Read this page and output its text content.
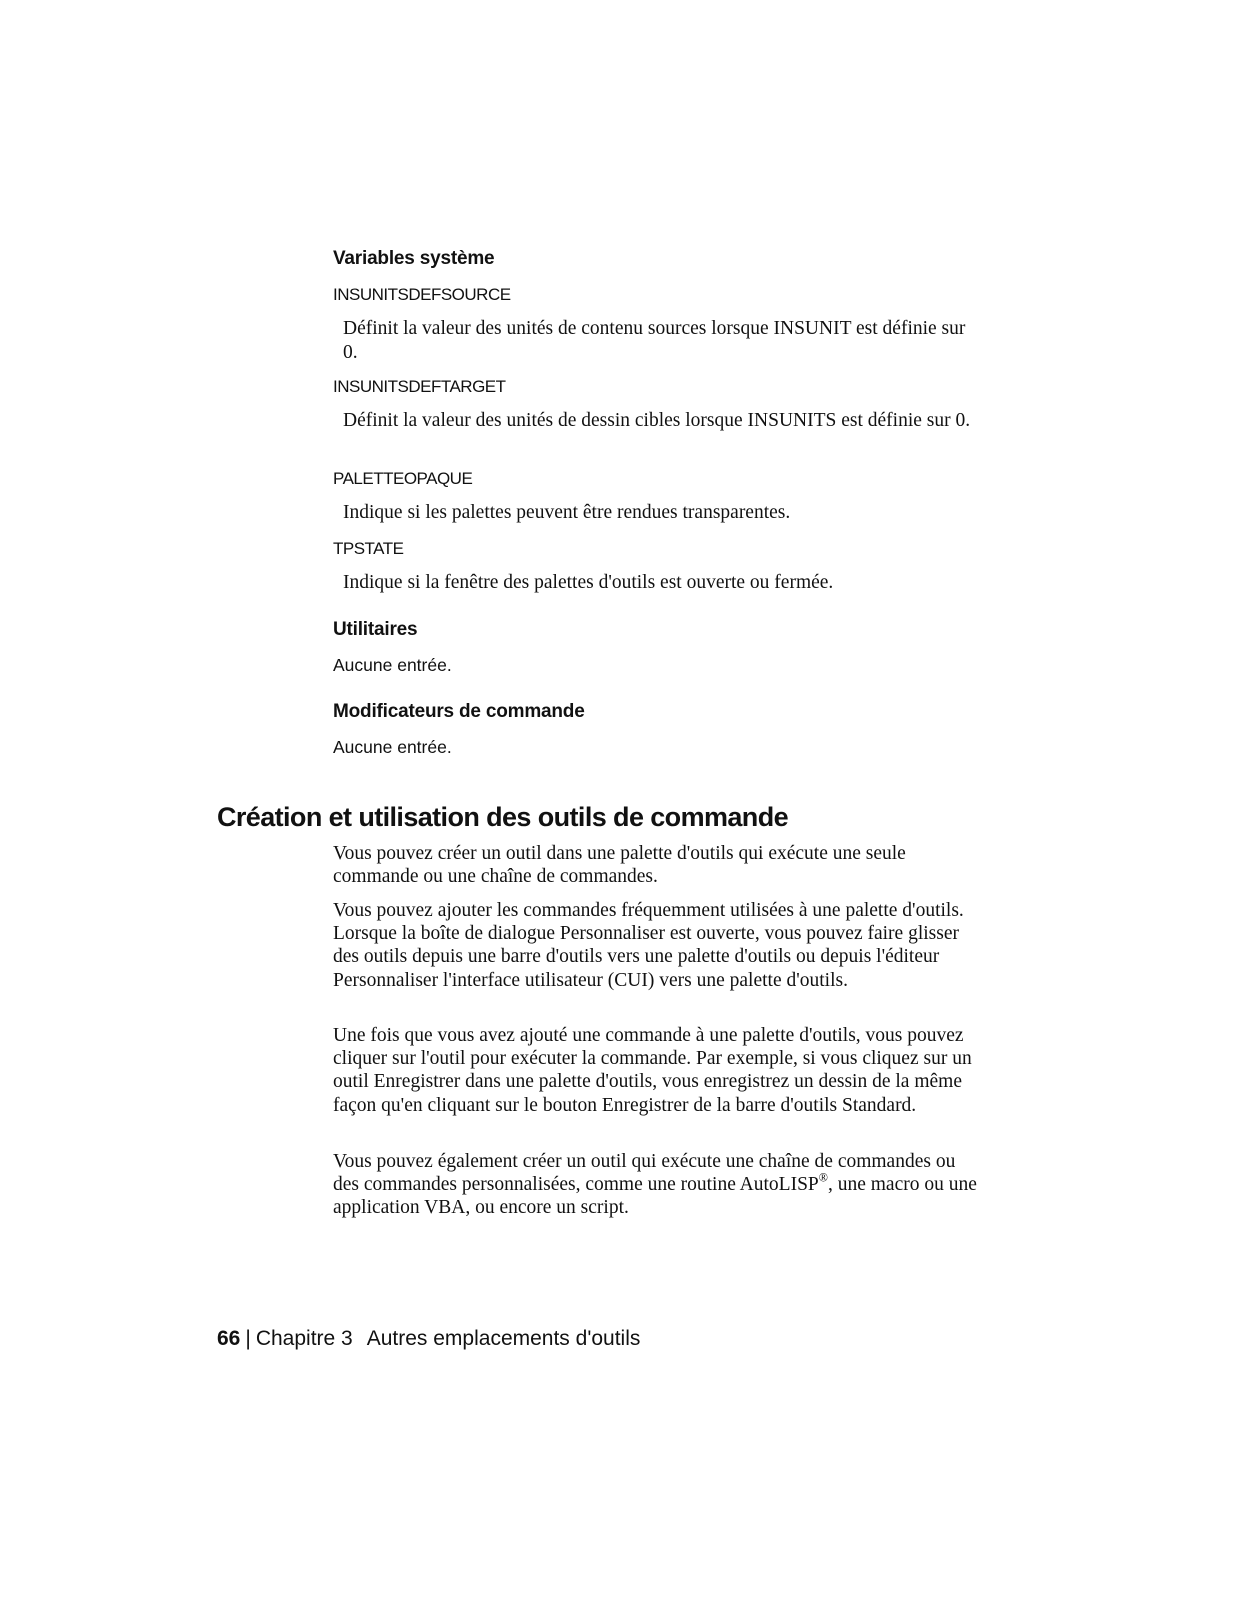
Variables système
INSUNITSDEFSOURCE
Définit la valeur des unités de contenu sources lorsque INSUNIT est définie sur 0.
INSUNITSDEFTARGET
Définit la valeur des unités de dessin cibles lorsque INSUNITS est définie sur 0.
PALETTEOPAQUE
Indique si les palettes peuvent être rendues transparentes.
TPSTATE
Indique si la fenêtre des palettes d'outils est ouverte ou fermée.
Utilitaires
Aucune entrée.
Modificateurs de commande
Aucune entrée.
Création et utilisation des outils de commande
Vous pouvez créer un outil dans une palette d'outils qui exécute une seule commande ou une chaîne de commandes.
Vous pouvez ajouter les commandes fréquemment utilisées à une palette d'outils. Lorsque la boîte de dialogue Personnaliser est ouverte, vous pouvez faire glisser des outils depuis une barre d'outils vers une palette d'outils ou depuis l'éditeur Personnaliser l'interface utilisateur (CUI) vers une palette d'outils.
Une fois que vous avez ajouté une commande à une palette d'outils, vous pouvez cliquer sur l'outil pour exécuter la commande. Par exemple, si vous cliquez sur un outil Enregistrer dans une palette d'outils, vous enregistrez un dessin de la même façon qu'en cliquant sur le bouton Enregistrer de la barre d'outils Standard.
Vous pouvez également créer un outil qui exécute une chaîne de commandes ou des commandes personnalisées, comme une routine AutoLISP®, une macro ou une application VBA, ou encore un script.
66 | Chapitre 3 Autres emplacements d'outils
